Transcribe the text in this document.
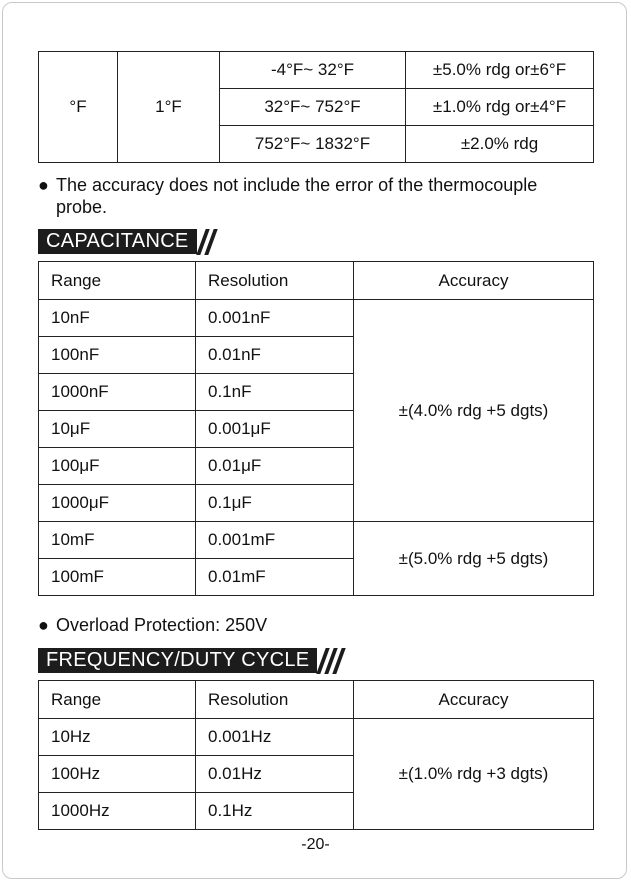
°F	1°F	-4°F~ 32°F	±5.0% rdg or±6°F
		32°F~ 752°F	±1.0% rdg or±4°F
		752°F~ 1832°F	±2.0% rdg
● The accuracy does not include the error of the thermocouple
probe.
CAPACITANCE
Range	Resolution	Accuracy
10nF	0.001nF	±(4.0% rdg +5 dgts)
100nF	0.01nF	
1000nF	0.1nF	
10μF	0.001μF	
100μF	0.01μF	
1000μF	0.1μF	
10mF	0.001mF	±(5.0% rdg +5 dgts)
100mF	0.01mF	
● Overload Protection: 250V
FREQUENCY/DUTY CYCLE
Range	Resolution	Accuracy
10Hz	0.001Hz	±(1.0% rdg +3 dgts)
100Hz	0.01Hz	
1000Hz	0.1Hz	
-20-
